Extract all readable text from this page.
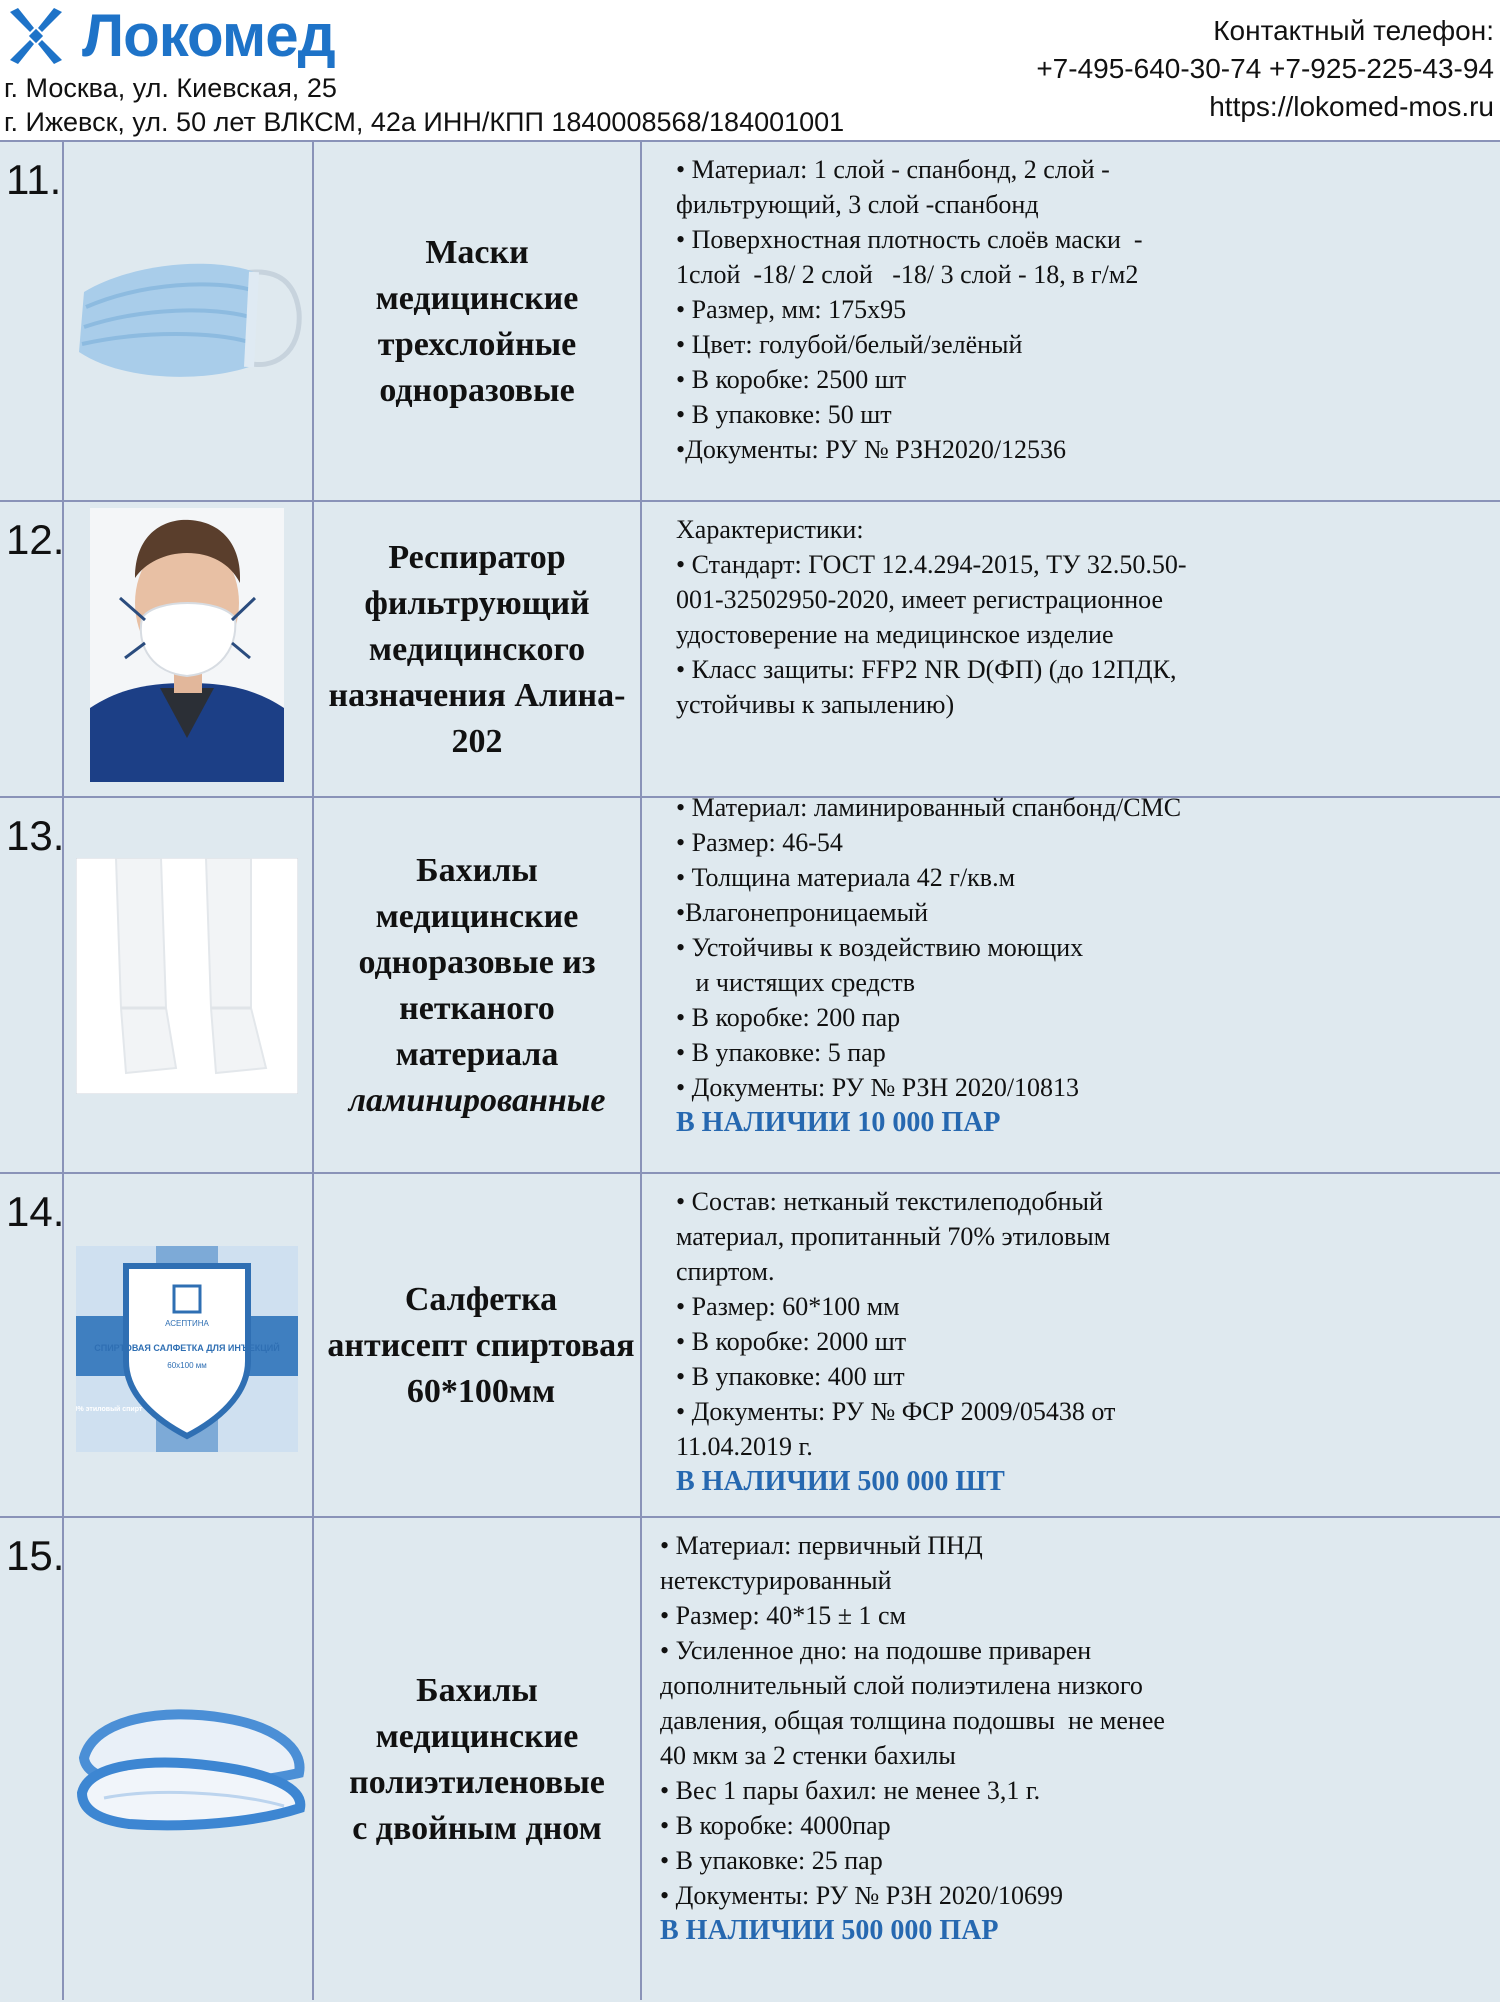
Локомед
г. Москва, ул. Киевская, 25
г. Ижевск, ул. 50 лет ВЛКСМ, 42а ИНН/КПП 1840008568/184001001
Контактный телефон:
+7-495-640-30-74 +7-925-225-43-94
https://lokomed-mos.ru
11.
Маски
медицинские
трехслойные
одноразовые
• Материал: 1 слой - спанбонд, 2 слой -
фильтрующий, 3 слой -спанбонд
• Поверхностная плотность слоёв маски  -
1слой  -18/ 2 слой   -18/ 3 слой - 18, в г/м2
• Размер, мм: 175х95
• Цвет: голубой/белый/зелёный
• В коробке: 2500 шт
• В упаковке: 50 шт
•Документы: РУ № РЗН2020/12536
12.	Респиратор
фильтрующий
медицинского
назначения Алина-
202
Характеристики:
• Стандарт: ГОСТ 12.4.294-2015, ТУ 32.50.50-
001-32502950-2020, имеет регистрационное
удостоверение на медицинское изделие
• Класс защиты: FFP2 NR D(ФП) (до 12ПДК,
устойчивы к запылению)
13.
Бахилы
медицинские
одноразовые из
нетканого
материала
ламинированные
• Материал: ламинированный спанбонд/СМС
• Размер: 46-54
• Толщина материала 42 г/кв.м
•Влагонепроницаемый
• Устойчивы к воздействию моющих
и чистящих средств
• В коробке: 200 пар
• В упаковке: 5 пар
• Документы: РУ № РЗН 2020/10813
В НАЛИЧИИ 10 000 ПАР
14.
АСЕПТИНА
СПИРТОВАЯ САЛФЕТКА ДЛЯ ИНЪЕКЦИЙ
60х100 мм
70% этиловый спирт
Салфетка
антисепт спиртовая
60*100мм
• Состав: нетканый текстилеподобный
материал, пропитанный 70% этиловым
спиртом.
• Размер: 60*100 мм
• В коробке: 2000 шт
• В упаковке: 400 шт
• Документы: РУ № ФСР 2009/05438 от
11.04.2019 г.
В НАЛИЧИИ 500 000 ШТ
15.
Бахилы
медицинские
полиэтиленовые
с двойным дном
• Материал: первичный ПНД
нетекстурированный
• Размер: 40*15 ± 1 см
• Усиленное дно: на подошве приварен
дополнительный слой полиэтилена низкого
давления, общая толщина подошвы  не менее
40 мкм за 2 стенки бахилы
• Вес 1 пары бахил: не менее 3,1 г.
• В коробке: 4000пар
• В упаковке: 25 пар
• Документы: РУ № РЗН 2020/10699
В НАЛИЧИИ 500 000 ПАР
